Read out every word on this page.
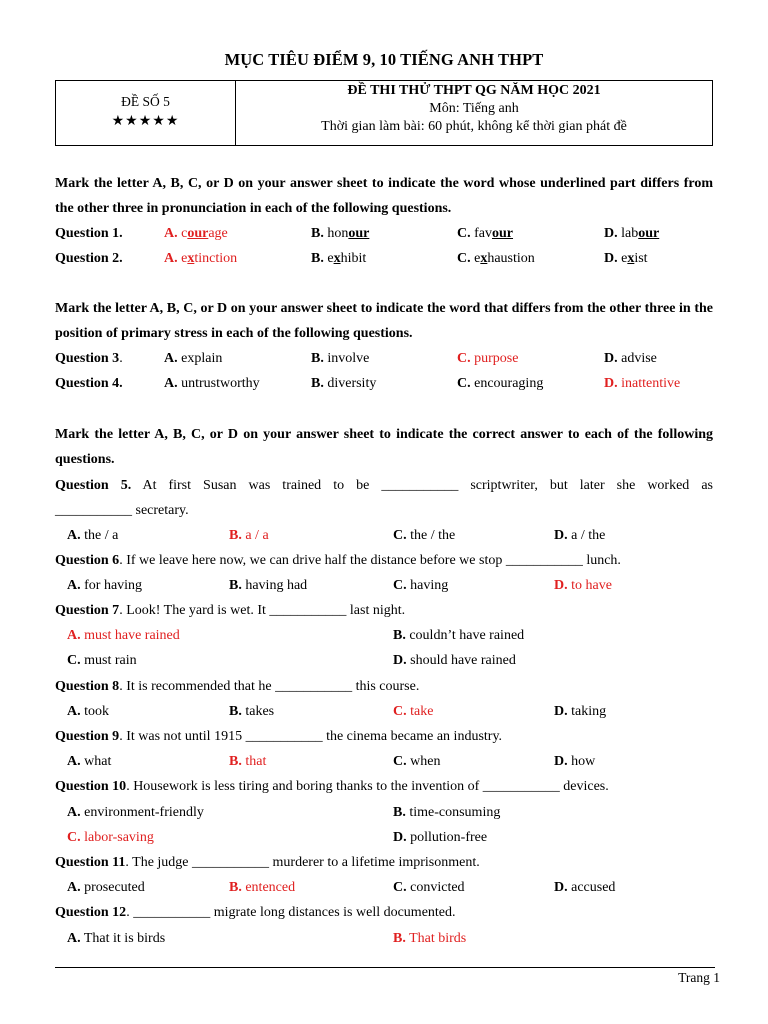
MỤC TIÊU ĐIỂM 9, 10 TIẾNG ANH THPT
ĐỀ SỐ 5
★★★★★
ĐỀ THI THỬ THPT QG NĂM HỌC 2021
Môn: Tiếng anh
Thời gian làm bài: 60 phút, không kể thời gian phát đề
Mark the letter A, B, C, or D on your answer sheet to indicate the word whose underlined part differs from the other three in pronunciation in each of the following questions.
Question 1.	A. courage	B. honour	C. favour	D. labour
Question 2.	A. extinction	B. exhibit	C. exhaustion	D. exist
Mark the letter A, B, C, or D on your answer sheet to indicate the word that differs from the other three in the position of primary stress in each of the following questions.
Question 3.	A. explain	B. involve	C. purpose	D. advise
Question 4.	A. untrustworthy	B. diversity	C. encouraging	D. inattentive
Mark the letter A, B, C, or D on your answer sheet to indicate the correct answer to each of the following questions.
Question 5. At first Susan was trained to be ___________ scriptwriter, but later she worked as
___________ secretary.
A. the / a	B. a / a	C. the / the	D. a / the
Question 6. If we leave here now, we can drive half the distance before we stop ___________ lunch.
A. for having	B. having had	C. having	D. to have
Question 7. Look! The yard is wet. It ___________ last night.
A. must have rained	B. couldn’t have rained
C. must rain	D. should have rained
Question 8. It is recommended that he ___________ this course.
A. took	B. takes	C. take	D. taking
Question 9. It was not until 1915 ___________ the cinema became an industry.
A. what	B. that	C. when	D. how
Question 10. Housework is less tiring and boring thanks to the invention of ___________ devices.
A. environment-friendly	B. time-consuming
C. labor-saving	D. pollution-free
Question 11. The judge ___________ murderer to a lifetime imprisonment.
A. prosecuted	B. entenced	C. convicted	D. accused
Question 12. ___________ migrate long distances is well documented.
A. That it is birds	B. That birds
Trang 1
